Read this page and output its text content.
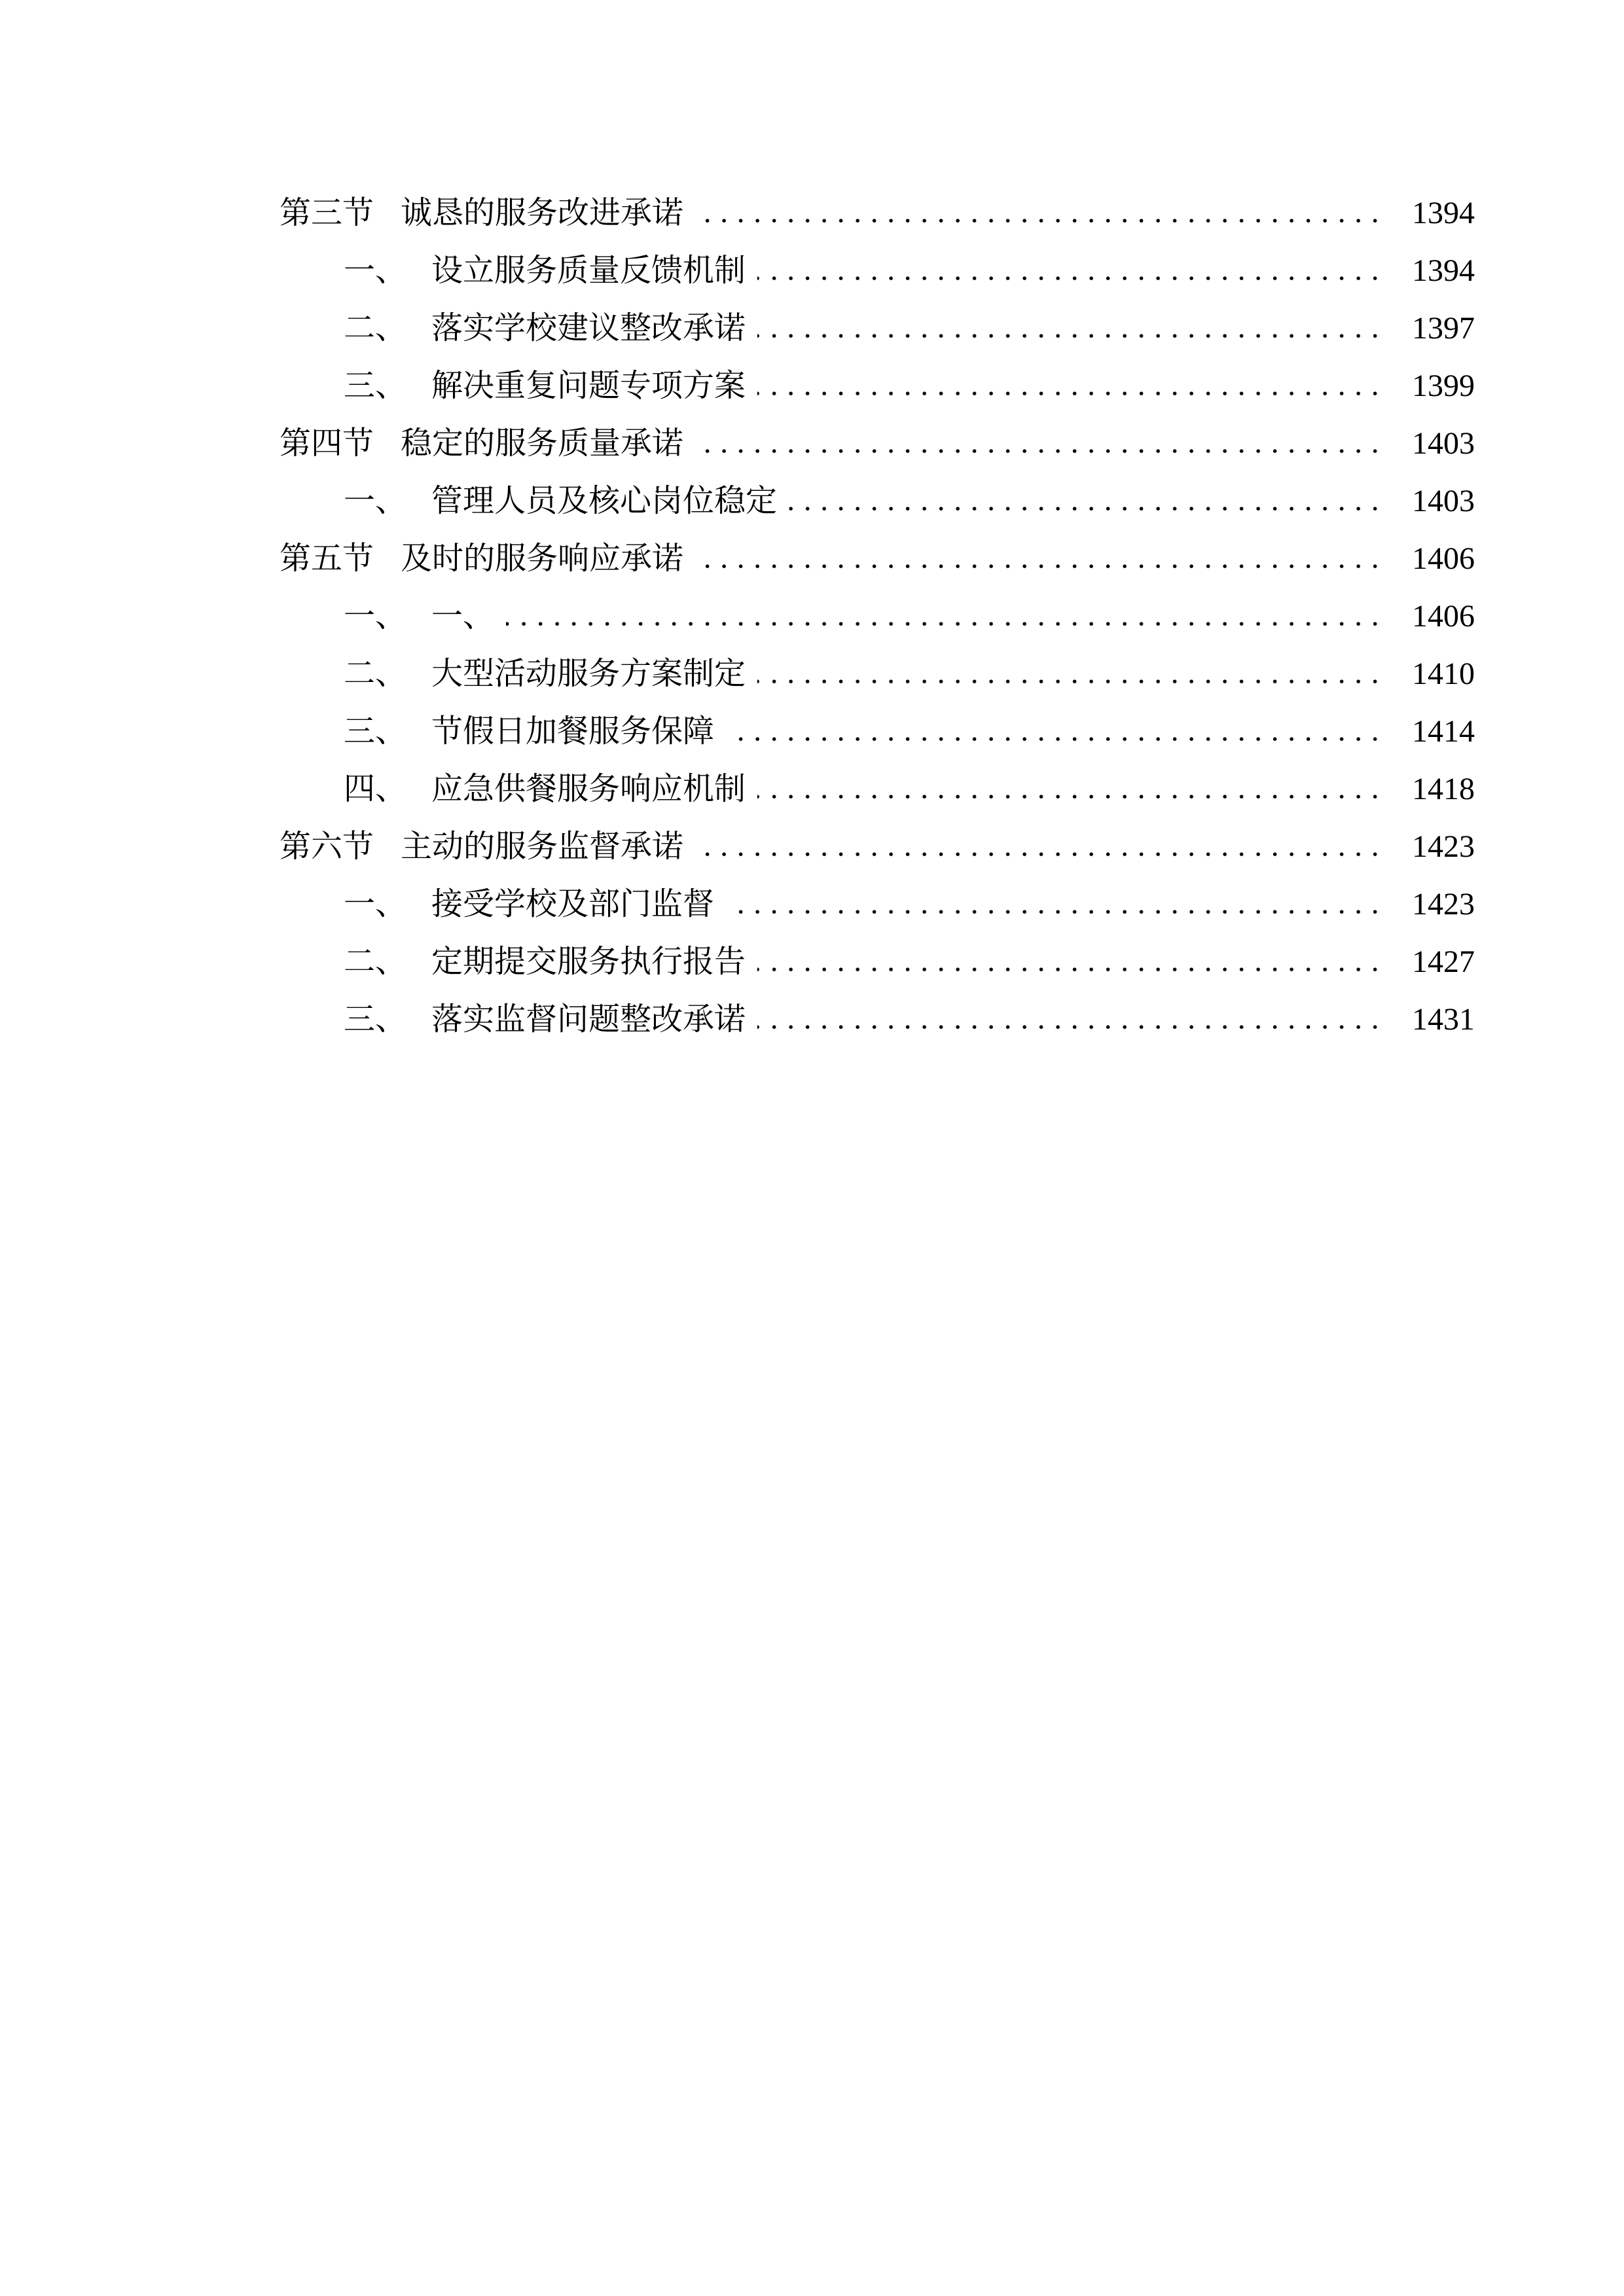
第三节 诚恳的服务改进承诺	1394
一、 设立服务质量反馈机制	1394
二、 落实学校建议整改承诺	1397
三、 解决重复问题专项方案	1399
第四节 稳定的服务质量承诺	1403
一、 管理人员及核心岗位稳定	1403
第五节 及时的服务响应承诺	1406
一、 一、	1406
二、 大型活动服务方案制定	1410
三、 节假日加餐服务保障	1414
四、 应急供餐服务响应机制	1418
第六节 主动的服务监督承诺	1423
一、 接受学校及部门监督	1423
二、 定期提交服务执行报告	1427
三、 落实监督问题整改承诺	1431
